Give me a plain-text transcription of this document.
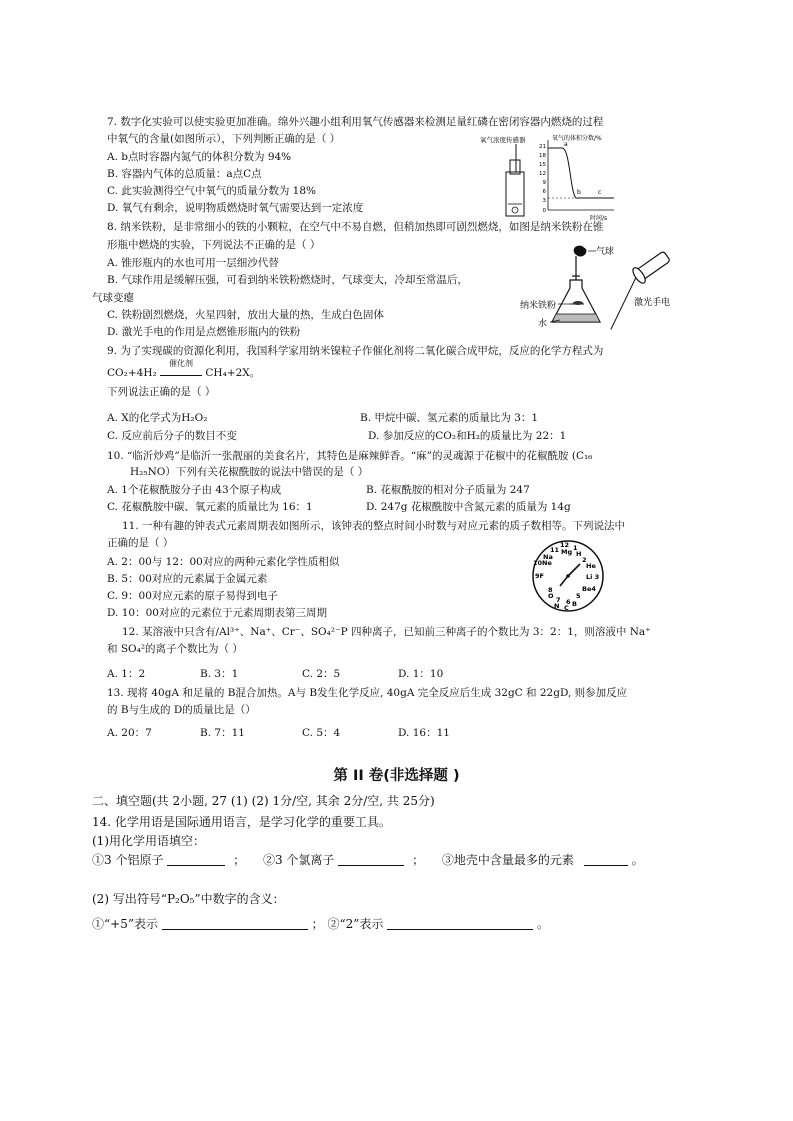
7. 数字化实验可以使实验更加准确。绵外兴趣小组利用氧气传感器来检测足量红磷在密闭容器内燃烧的过程
中氧气的含量(如图所示），下列判断正确的是（ ）
A. b点时容器内氮气的体积分数为 94%
B. 容器内气体的总质量：a点C点
C. 此实验测得空气中氧气的质量分数为 18%
D. 氧气有剩余，说明物质燃烧时氧气需要达到一定浓度
氧气浓度传感器	氧气的体积分数/%
21
18
15
12
9
6
3
0
a
b	c
时间/s
8. 纳米铁粉，是非常细小的铁的小颗粒，在空气中不易自燃，但稍加热即可剧烈燃烧，如图是纳米铁粉在锥
形瓶中燃烧的实验，下列说法不正确的是（ ）
A. 锥形瓶内的水也可用一层细沙代替
B. 气球作用是缓解压强，可看到纳米铁粉燃烧时，气球变大，冷却至常温后，
气球变瘪
C. 铁粉剧烈燃烧，火星四射，放出大量的热，生成白色固体
D. 激光手电的作用是点燃锥形瓶内的铁粉
气球
激光手电
纳米铁粉
水
9. 为了实现碳的资源化利用，我国科学家用纳米镍粒子作催化剂将二氧化碳合成甲烷，反应的化学方程式为
CO₂+4H₂
催化剂
CH₄+2X。
下列说法正确的是（ ）
A. X的化学式为H₂O₂	B. 甲烷中碳、氢元素的质量比为 3：1
C. 反应前后分子的数目不变	D. 参加反应的CO₂和H₂的质量比为 22：1
10. “临沂炒鸡”是临沂一张靓丽的美食名片，其特色是麻辣鲜香。“麻”的灵魂源于花椒中的花椒酰胺 (C₁₆
H₂₅NO）下列有关花椒酰胺的说法中错误的是（ ）
A. 1个花椒酰胺分子由 43个原子构成	B. 花椒酰胺的相对分子质量为 247
C. 花椒酰胺中碳、氧元素的质量比为 16：1	D. 247g 花椒酰胺中含氮元素的质量为 14g
11. 一种有趣的钟表式元素周期表如图所示，该钟表的整点时间小时数与对应元素的质子数相等。下列说法中
正确的是（ ）
A. 2：00与 12：00对应的两种元素化学性质相似
B. 5：00对应的元素属于金属元素
C. 9：00对应元素的原子易得到电子
D. 10：00对应的元素位于元素周期表第三周期
12
Mg
11
Na
1
H
2
He
Li 3
Be4
5
B
6
C
7
N
8
O
9F
10Ne
12. 某溶液中只含有/Al³⁺、Na⁺、Cr⁻、SO₄²⁻P 四种离子，已知前三种离子的个数比为 3：2：1，则溶液中 Na⁺
和 SO₄²的离子个数比为（ ）
A. 1：2	B. 3：1	C. 2：5	D. 1：10
13. 现将 40gA 和足量的 B混合加热。A与 B发生化学反应, 40gA 完全反应后生成 32gC 和 22gD, 则参加反应
的 B与生成的 D的质量比是（）
A. 20：7	B. 7：11	C. 5：4	D. 16：11
第 II 卷(非选择题 )
二、填空题(共 2小题, 27 (1) (2) 1分/空, 其余 2分/空, 共 25分)
14. 化学用语是国际通用语言，是学习化学的重要工具。
(1)用化学用语填空：
①3 个铝原子	； ②3 个氯离子	； ③地壳中含量最多的元素	。
(2) 写出符号“P₂O₅”中数字的含义：
①“+5”表示	； ②“2”表示	。
